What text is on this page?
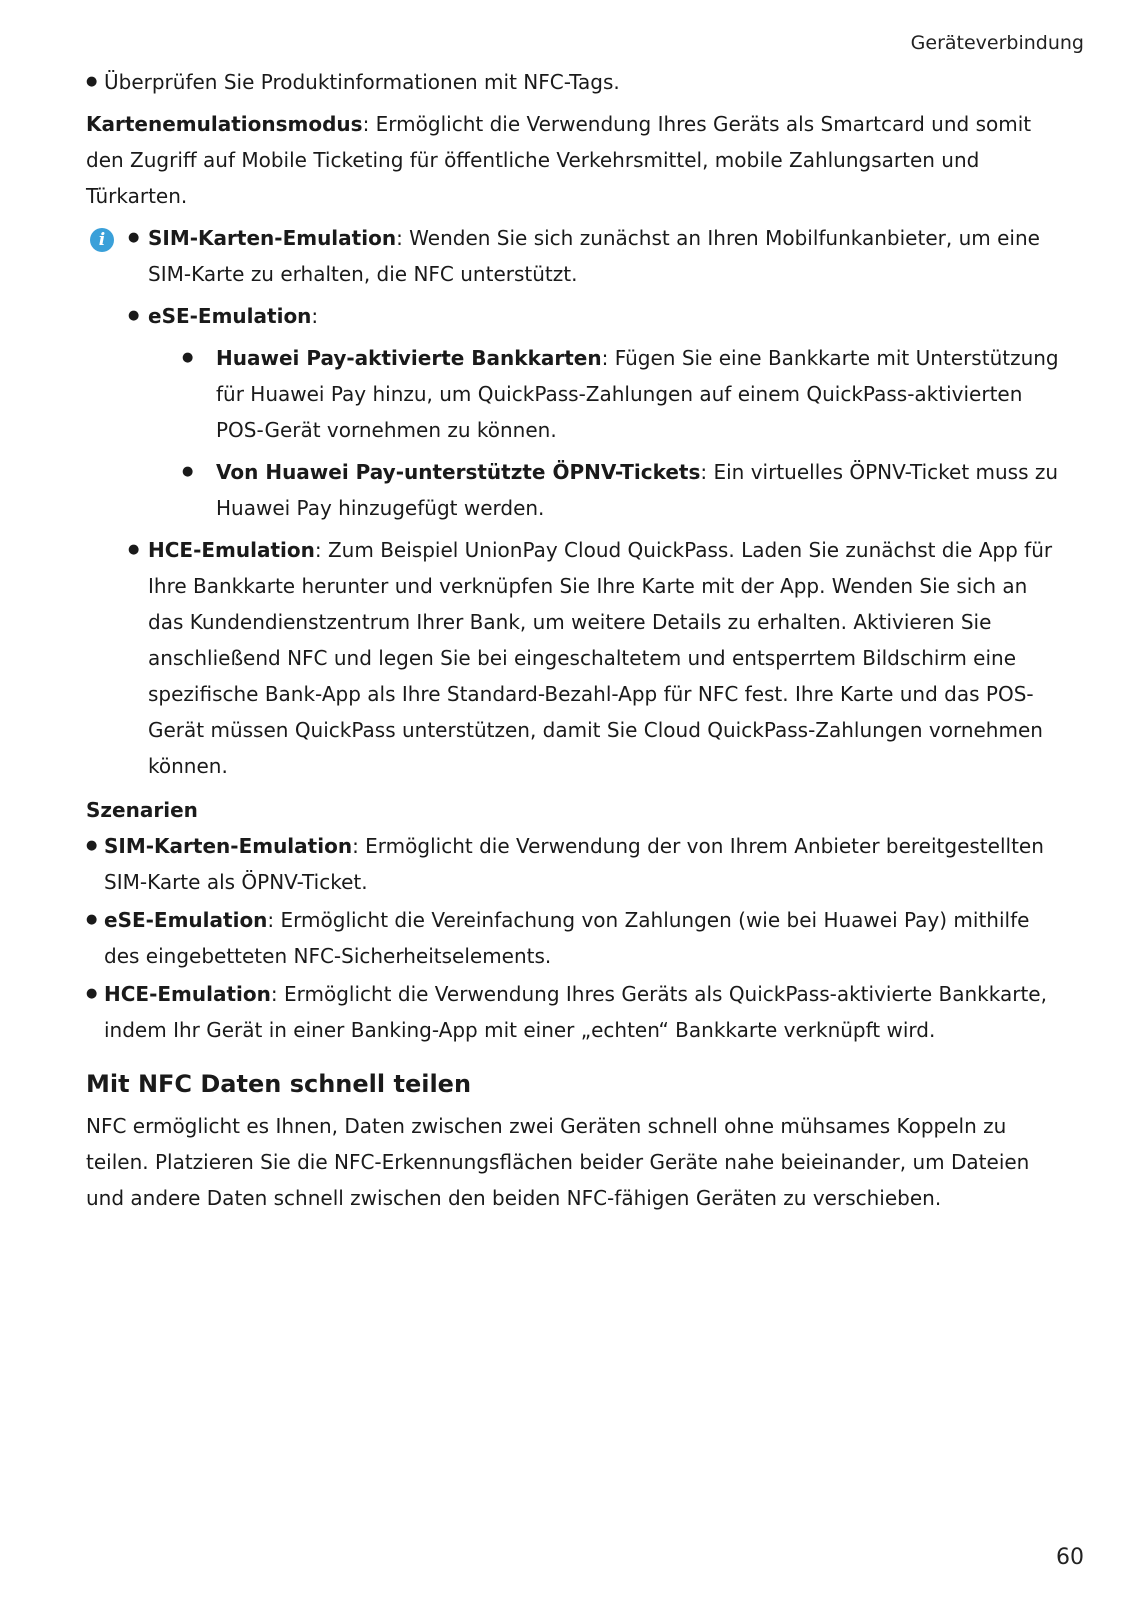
Geräteverbindung

● Überprüfen Sie Produktinformationen mit NFC-Tags.

Kartenemulationsmodus: Ermöglicht die Verwendung Ihres Geräts als Smartcard und somit den Zugriff auf Mobile Ticketing für öffentliche Verkehrsmittel, mobile Zahlungsarten und Türkarten.

i
●	SIM-Karten-Emulation: Wenden Sie sich zunächst an Ihren Mobilfunkanbieter, um eine SIM-Karte zu erhalten, die NFC unterstützt.
● eSE-Emulation:
● Huawei Pay-aktivierte Bankkarten: Fügen Sie eine Bankkarte mit Unterstützung für Huawei Pay hinzu, um QuickPass-Zahlungen auf einem QuickPass-aktivierten POS-Gerät vornehmen zu können.
● Von Huawei Pay-unterstützte ÖPNV-Tickets: Ein virtuelles ÖPNV-Ticket muss zu Huawei Pay hinzugefügt werden.
● HCE-Emulation: Zum Beispiel UnionPay Cloud QuickPass. Laden Sie zunächst die App für Ihre Bankkarte herunter und verknüpfen Sie Ihre Karte mit der App. Wenden Sie sich an das Kundendienstzentrum Ihrer Bank, um weitere Details zu erhalten. Aktivieren Sie anschließend NFC und legen Sie bei eingeschaltetem und entsperrtem Bildschirm eine spezifische Bank-App als Ihre Standard-Bezahl-App für NFC fest. Ihre Karte und das POS-Gerät müssen QuickPass unterstützen, damit Sie Cloud QuickPass-Zahlungen vornehmen können.
Szenarien
● SIM-Karten-Emulation: Ermöglicht die Verwendung der von Ihrem Anbieter bereitgestellten SIM-Karte als ÖPNV-Ticket.
● eSE-Emulation: Ermöglicht die Vereinfachung von Zahlungen (wie bei Huawei Pay) mithilfe des eingebetteten NFC-Sicherheitselements.
● HCE-Emulation: Ermöglicht die Verwendung Ihres Geräts als QuickPass-aktivierte Bankkarte, indem Ihr Gerät in einer Banking-App mit einer „echten“ Bankkarte verknüpft wird.
Mit NFC Daten schnell teilen

NFC ermöglicht es Ihnen, Daten zwischen zwei Geräten schnell ohne mühsames Koppeln zu teilen. Platzieren Sie die NFC-Erkennungsflächen beider Geräte nahe beieinander, um Dateien und andere Daten schnell zwischen den beiden NFC-fähigen Geräten zu verschieben.

60
